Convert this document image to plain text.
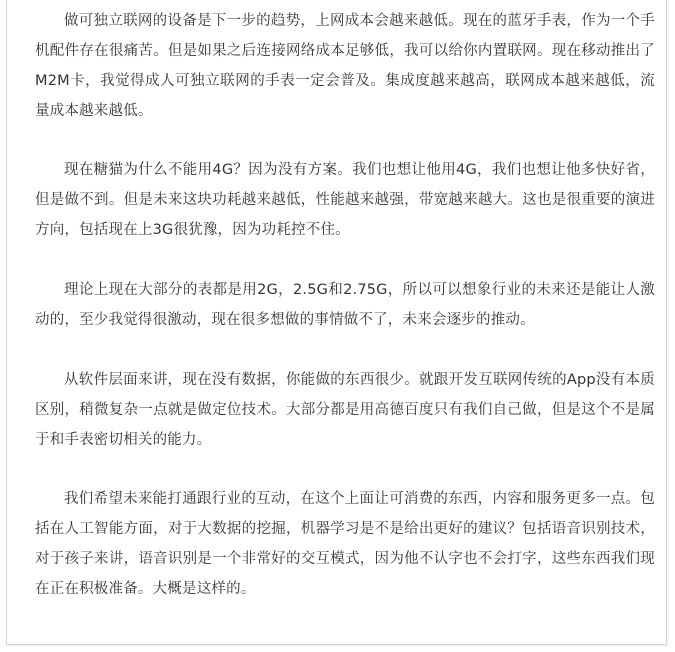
做可独立联网的设备是下一步的趋势，上网成本会越来越低。现在的蓝牙手表，作为一个手机配件存在很痛苦。但是如果之后连接网络成本足够低，我可以给你内置联网。现在移动推出了M2M卡，我觉得成人可独立联网的手表一定会普及。集成度越来越高，联网成本越来越低，流量成本越来越低。

现在糖猫为什么不能用4G？因为没有方案。我们也想让他用4G，我们也想让他多快好省，但是做不到。但是未来这块功耗越来越低，性能越来越强，带宽越来越大。这也是很重要的演进方向，包括现在上3G很犹豫，因为功耗控不住。

理论上现在大部分的表都是用2G，2.5G和2.75G，所以可以想象行业的未来还是能让人激动的，至少我觉得很激动，现在很多想做的事情做不了，未来会逐步的推动。

从软件层面来讲，现在没有数据，你能做的东西很少。就跟开发互联网传统的App没有本质区别，稍微复杂一点就是做定位技术。大部分都是用高德百度只有我们自己做，但是这个不是属于和手表密切相关的能力。

我们希望未来能打通跟行业的互动，在这个上面让可消费的东西，内容和服务更多一点。包括在人工智能方面，对于大数据的挖掘，机器学习是不是给出更好的建议？包括语音识别技术，对于孩子来讲，语音识别是一个非常好的交互模式，因为他不认字也不会打字，这些东西我们现在正在积极准备。大概是这样的。
